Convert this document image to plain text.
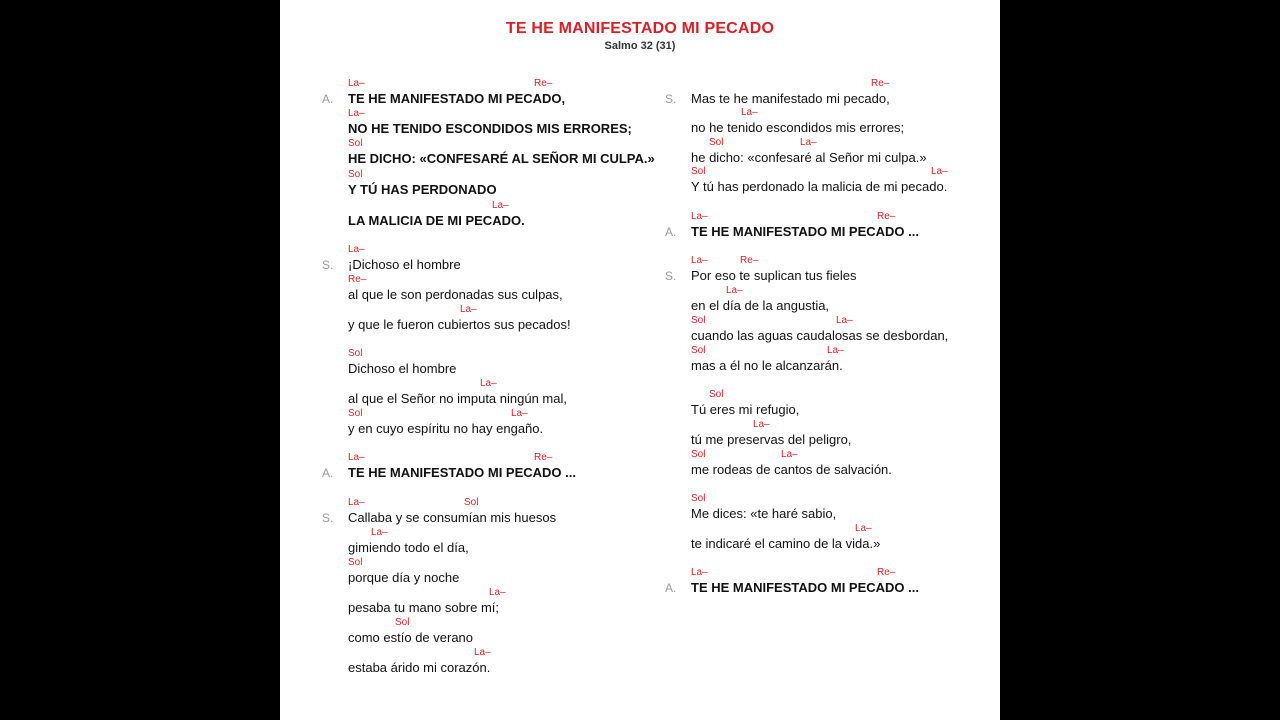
TE HE MANIFESTADO MI PECADO
Salmo 32 (31)
La–	Re–
TE HE MANIFESTADO MI PECADO,
A.
La–
NO HE TENIDO ESCONDIDOS MIS ERRORES;
Sol
HE DICHO: «CONFESARÉ AL SEÑOR MI CULPA.»
Sol
Y TÚ HAS PERDONADO
La–
LA MALICIA DE MI PECADO.
La–
¡Dichoso el hombre
S.
Re–
al que le son perdonadas sus culpas,
La–
y que le fueron cubiertos sus pecados!
Sol
Dichoso el hombre
La–
al que el Señor no imputa ningún mal,
Sol	La–
y en cuyo espíritu no hay engaño.
La–	Re–
TE HE MANIFESTADO MI PECADO ...
A.
La–	Sol
Callaba y se consumían mis huesos
S.
La–
gimiendo todo el día,
Sol
porque día y noche
La–
pesaba tu mano sobre mí;
Sol
como estío de verano
La–
estaba árido mi corazón.
Re–
Mas te he manifestado mi pecado,
S.
La–
no he tenido escondidos mis errores;
Sol	La–
he dicho: «confesaré al Señor mi culpa.»
Sol	La–
Y tú has perdonado la malicia de mi pecado.
La–	Re–
TE HE MANIFESTADO MI PECADO ...
A.
La–	Re–
Por eso te suplican tus fieles
S.
La–
en el día de la angustia,
Sol	La–
cuando las aguas caudalosas se desbordan,
Sol	La–
mas a él no le alcanzarán.
Sol
Tú eres mi refugio,
La–
tú me preservas del peligro,
Sol	La–
me rodeas de cantos de salvación.
Sol
Me dices: «te haré sabio,
La–
te indicaré el camino de la vida.»
La–	Re–
TE HE MANIFESTADO MI PECADO ...
A.
